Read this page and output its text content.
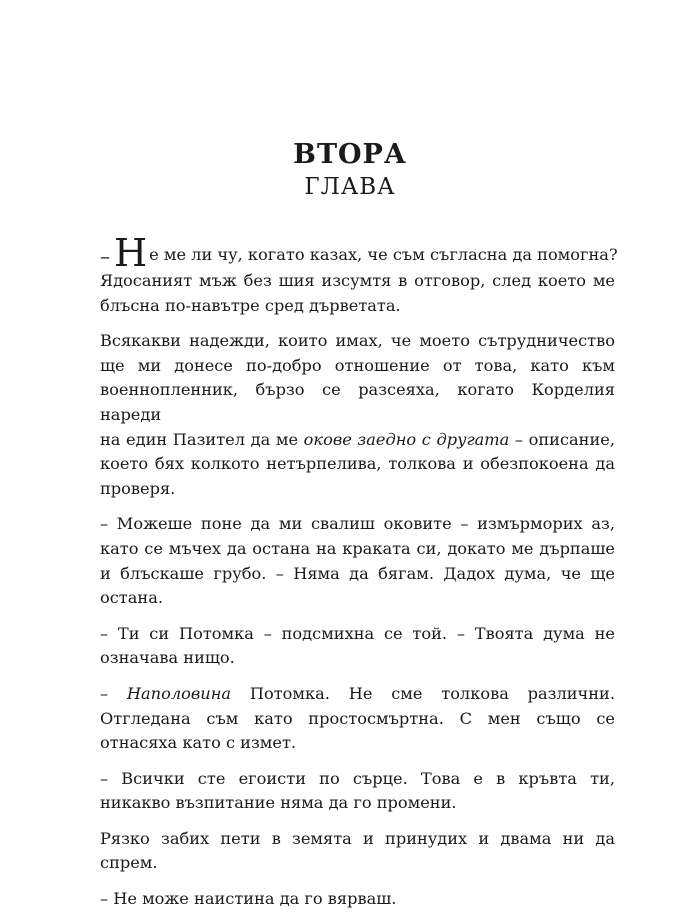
ВТОРА
ГЛАВА

– Н е ме ли чу, когато казах, че съм съгласна да помогна?

Ядосаният мъж без шия изсумтя в отговор, след което ме
блъсна по-навътре сред дърветата.

Всякакви надежди, които имах, че моето сътрудничество
ще ми донесе по-добро отношение от това, като към
военнопленник, бързо се разсеяха, когато Корделия нареди
на един Пазител да ме окове заедно с другата – описание,
което бях колкото нетърпелива, толкова и обезпокоена да
проверя.

– Можеше поне да ми свалиш оковите – измърморих аз,
като се мъчех да остана на краката си, докато ме дърпаше
и блъскаше грубо. – Няма да бягам. Дадох дума, че ще
остана.

– Ти си Потомка – подсмихна се той. – Твоята дума не
означава нищо.

– Наполовина Потомка. Не сме толкова различни.
Отгледана съм като простосмъртна. С мен също се
отнасяха като с измет.

– Всички сте егоисти по сърце. Това е в кръвта ти,
никакво възпитание няма да го промени.

Рязко забих пети в земята и принудих и двама ни да
спрем.

– Не може наистина да го вярваш.
